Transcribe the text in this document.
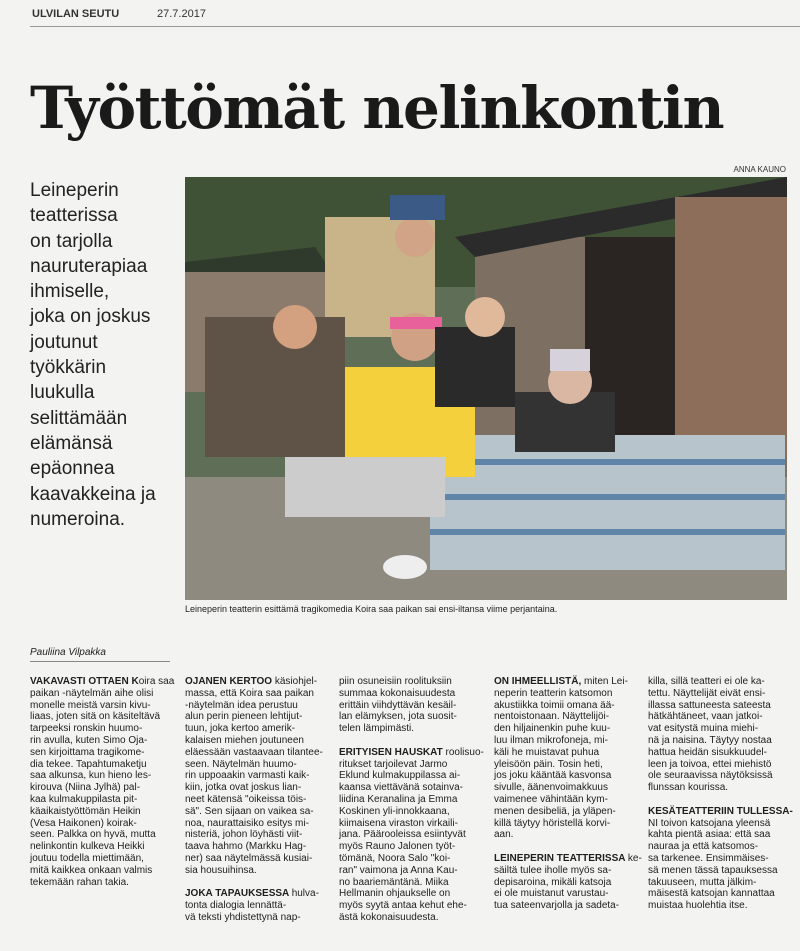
ULVILAN SEUTU	27.7.2017
Työttömät nelinkontin
ANNA KAUNO
Leineperin
teatterissa
on tarjolla
nauruterapiaa
ihmiselle,
joka on joskus
joutunut
työkkärin
luukulla
selittämään
elämänsä
epäonnea
kaavakkeina ja
numeroina.
Leineperin teatterin esittämä tragikomedia Koira saa paikan sai ensi-iltansa viime perjantaina.
Pauliina Vilpakka
VAKAVASTI OTTAEN Koira saa
paikan -näytelmän aihe olisi
monelle meistä varsin kivu-
liaas, joten sitä on käsiteltävä
tarpeeksi ronskin huumo-
rin avulla, kuten Simo Oja-
sen kirjoittama tragikome-
dia tekee. Tapahtumaketju
saa alkunsa, kun hieno les-
kirouva (Niina Jylhä) pal-
kaa kulmakuppilasta pit-
käaikaistyöttömän Heikin
(Vesa Haikonen) koirak-
seen. Palkka on hyvä, mutta
nelinkontin kulkeva Heikki
joutuu todella miettimään,
mitä kaikkea onkaan valmis
tekemään rahan takia.
OJANEN KERTOO käsiohjel-
massa, että Koira saa paikan
-näytelmän idea perustuu
alun perin pieneen lehtijut-
tuun, joka kertoo amerik-
kalaisen miehen joutuneen
eläessään vastaavaan tilantee-
seen. Näytelmän huumo-
rin uppoaakin varmasti kaik-
kiin, jotka ovat joskus lian-
neet kätensä "oikeissa töis-
sä". Sen sijaan on vaikea sa-
noa, naurattaisiko esitys mi-
nisteriä, johon löyhästi viit-
taava hahmo (Markku Hag-
ner) saa näytelmässä kusiai-
sia housuihinsa.
JOKA TAPAUKSESSA hulva-
tonta dialogia lennättä-
vä teksti yhdistettynä nap-
piin osuneisiin roolituksiin
summaa kokonaisuudesta
erittäin viihdyttävän kesäil-
lan elämyksen, jota suosit-
telen lämpimästi.
ERITYISEN HAUSKAT roolisuo-
ritukset tarjoilevat Jarmo
Eklund kulmakuppilassa ai-
kaansa viettävänä sotainva-
liidina Keranalina ja Emma
Koskinen yli-innokkaana,
kiimaisena viraston virkaili-
jana. Päärooleissa esiintyvät
myös Rauno Jalonen työt-
tömänä, Noora Salo "koi-
ran" vaimona ja Anna Kau-
no baariemäntänä. Miika
Hellmanin ohjaukselle on
myös syytä antaa kehut ehe-
ästä kokonaisuudesta.
ON IHMEELLISTÄ, miten Lei-
neperin teatterin katsomon
akustiikka toimii omana ää-
nentoistonaan. Näyttelijöi-
den hiljainenkin puhe kuu-
luu ilman mikrofoneja, mi-
käli he muistavat puhua
yleisöön päin. Tosin heti,
jos joku kääntää kasvonsa
sivulle, äänenvoimakkuus
vaimenee vähintään kym-
menen desibeliä, ja yläpen-
killä täytyy höristellä korvi-
aan.
LEINEPERIN TEATTERISSA ke-
säiltä tulee iholle myös sa-
depisaroina, mikäli katsoja
ei ole muistanut varustau-
tua sateenvarjolla ja sadeta-
killa, sillä teatteri ei ole ka-
tettu. Näyttelijät eivät ensi-
illassa sattuneesta sateesta
hätkähtäneet, vaan jatkoi-
vat esitystä muina miehi-
nä ja naisina. Täytyy nostaa
hattua heidän sisukkuudel-
leen ja toivoa, ettei miehistö
ole seuraavissa näytöksissä
flunssan kourissa.
KESÄTEATTERIIN TULLESSA-
NI toivon katsojana yleensä
kahta pientä asiaa: että saa
nauraa ja että katsomos-
sa tarkenee. Ensimmäises-
sä menen tässä tapauksessa
takuuseen, mutta jälkim-
mäisestä katsojan kannattaa
muistaa huolehtia itse.
